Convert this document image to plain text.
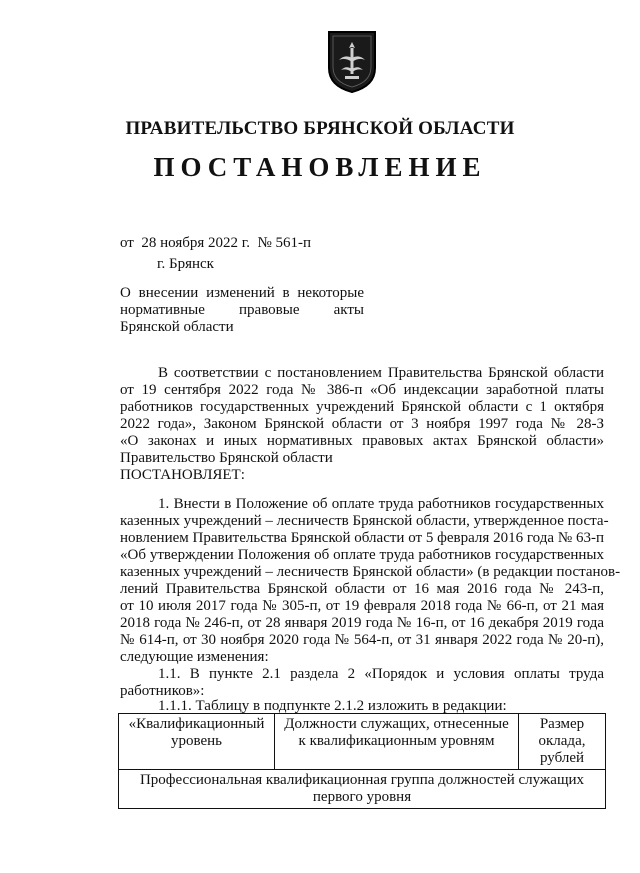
ПРАВИТЕЛЬСТВО БРЯНСКОЙ ОБЛАСТИ
ПОСТАНОВЛЕНИЕ
от  28 ноября 2022 г.  № 561-п
г. Брянск
О внесении изменений в некоторые нормативные правовые акты Брянской области
В соответствии с постановлением Правительства Брянской области
от 19 сентября 2022 года № 386-п «Об индексации заработной платы
работников государственных учреждений Брянской области с 1 октября
2022 года», Законом Брянской области от 3 ноября 1997 года № 28-З
«О законах и иных нормативных правовых актах Брянской области»
Правительство Брянской области
ПОСТАНОВЛЯЕТ:
1. Внести в Положение об оплате труда работников государственных
казенных учреждений – лесничеств Брянской области, утвержденное поста-
новлением Правительства Брянской области от 5 февраля 2016 года № 63-п
«Об утверждении Положения об оплате труда работников государственных
казенных учреждений – лесничеств Брянской области» (в редакции постанов-
лений Правительства Брянской области от 16 мая 2016 года № 243-п,
от 10 июля 2017 года № 305-п, от 19 февраля 2018 года № 66-п, от 21 мая
2018 года № 246-п, от 28 января 2019 года № 16-п, от 16 декабря 2019 года
№ 614-п, от 30 ноября 2020 года № 564-п, от 31 января 2022 года № 20-п),
следующие изменения:
1.1. В пункте 2.1 раздела 2 «Порядок и условия оплаты труда
работников»:
1.1.1. Таблицу в подпункте 2.1.2 изложить в редакции:
«Квалификационный уровень	Должности служащих, отнесенные к квалификационным уровням	Размер оклада, рублей
Профессиональная квалификационная группа должностей служащих первого уровня
